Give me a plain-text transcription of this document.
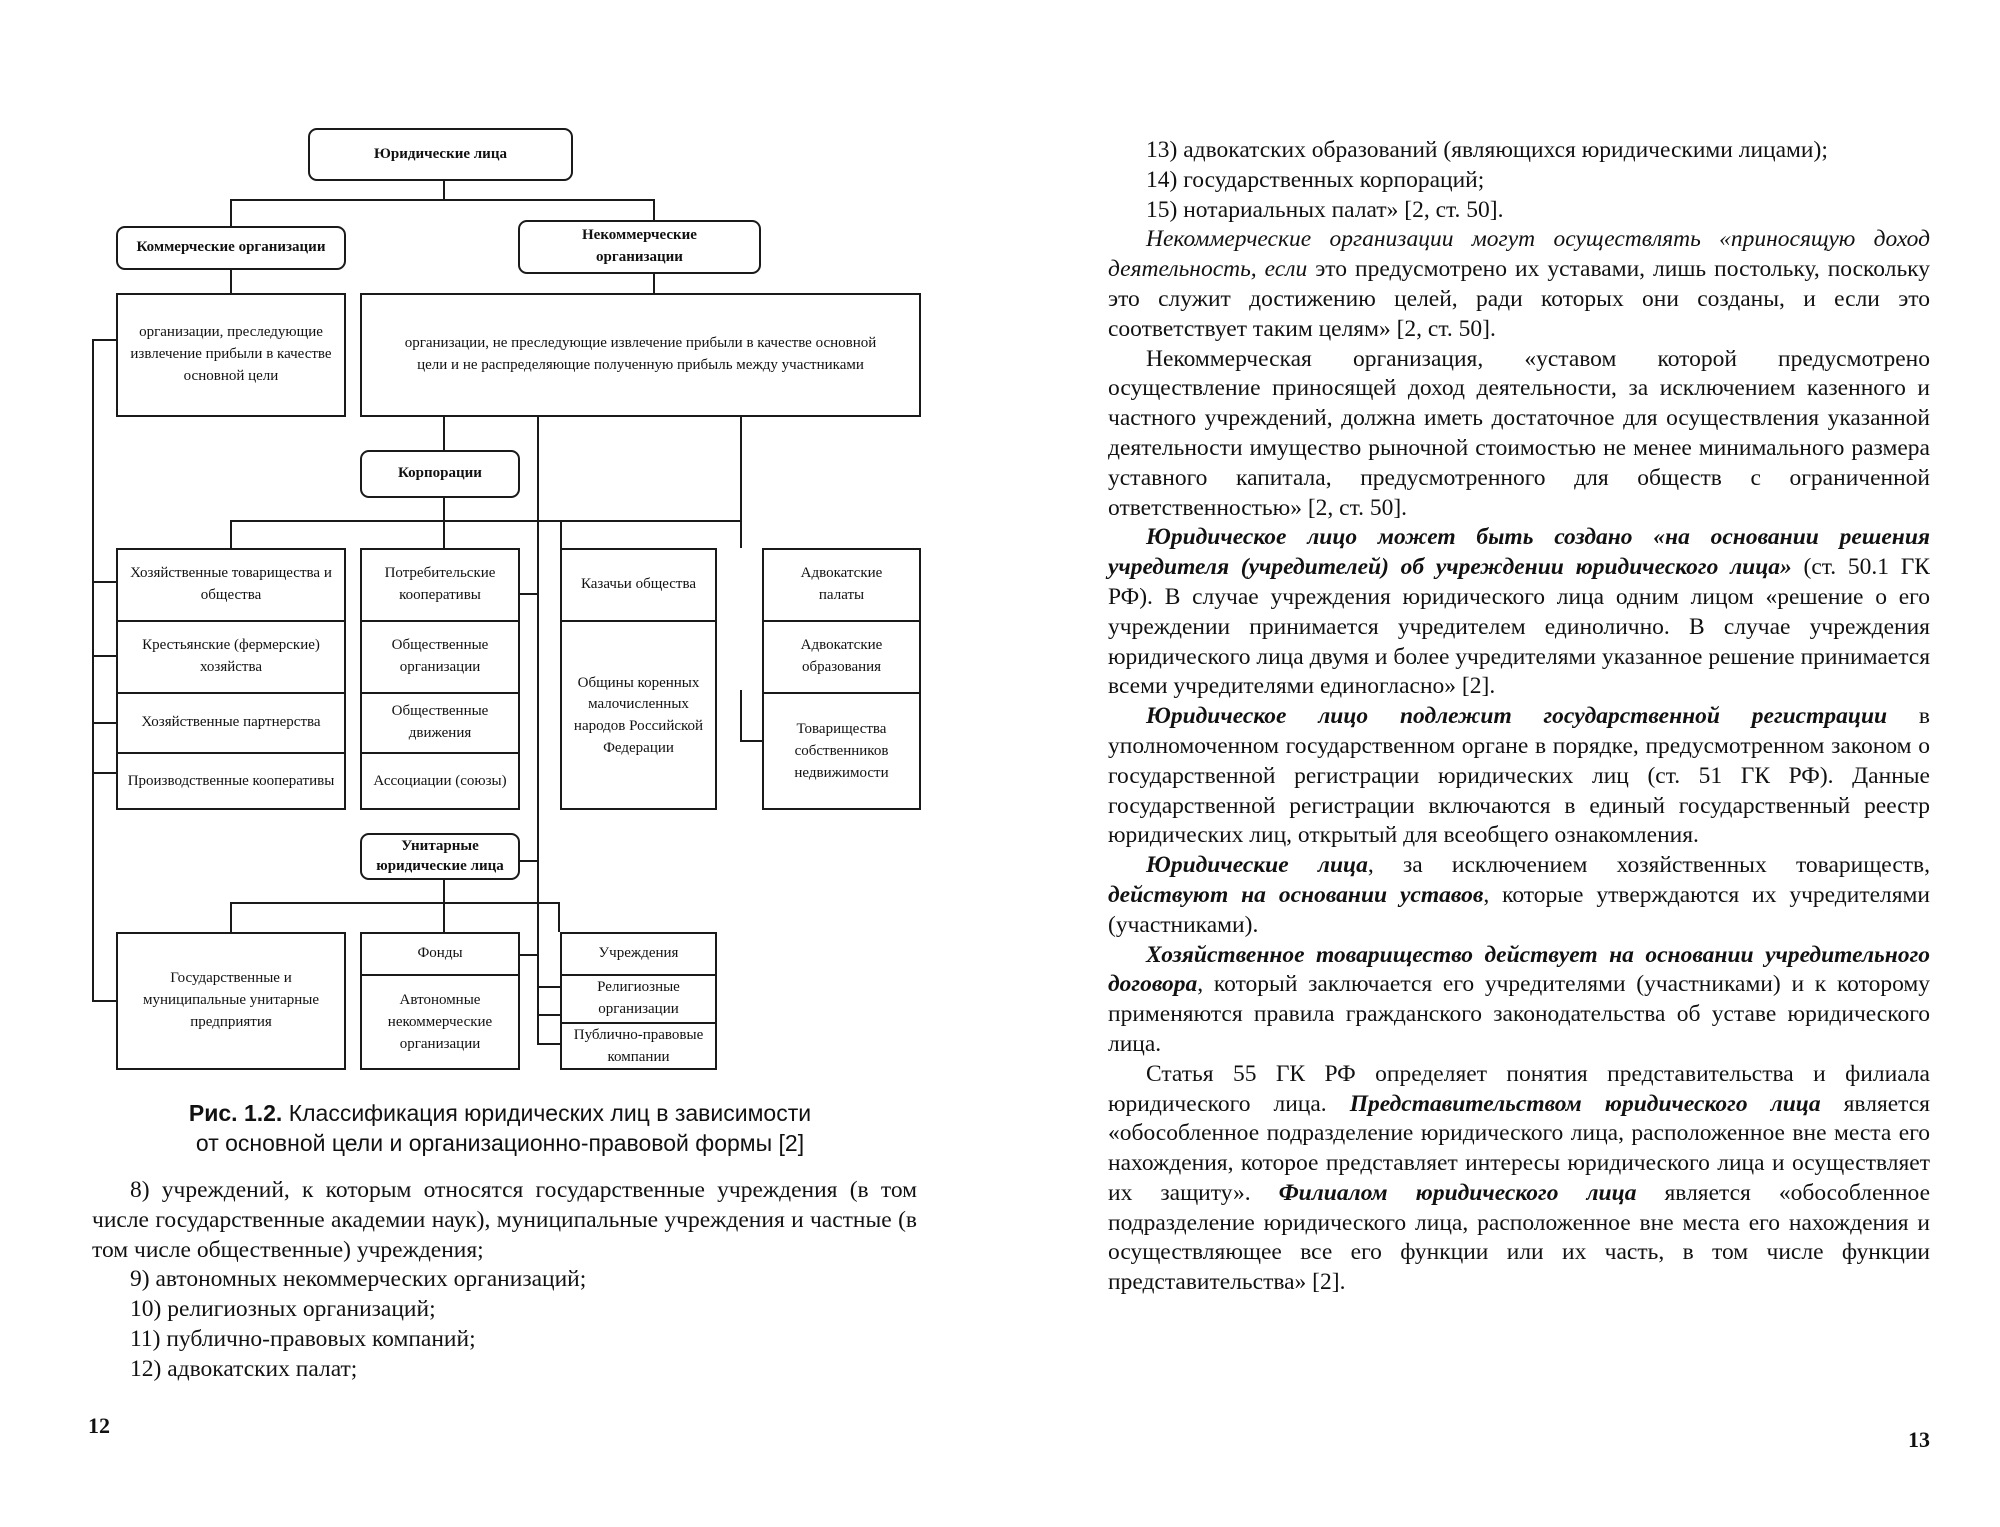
Юридические лица
Коммерческие организации
Некоммерческие организации
организации, преследующие извлечение прибыли в качестве основной цели
организации, не преследующие извлечение прибыли в качестве основной цели и не распределяющие полученную прибыль между участниками
Корпорации
Хозяйственные товарищества и общества
Крестьянские (фермерские) хозяйства
Хозяйственные партнерства
Производственные кооперативы
Потребительские кооперативы
Общественные организации
Общественные движения
Ассоциации (союзы)
Казачьи общества
Общины коренных малочисленных народов Российской Федерации
Адвокатские палаты
Адвокатские образования
Товарищества собственников недвижимости
Унитарные юридические лица
Государственные и муниципальные унитарные предприятия
Фонды
Автономные некоммерческие организации
Учреждения
Религиозные организации
Публично-правовые компании
Рис. 1.2. Классификация юридических лиц в зависимости
от основной цели и организационно-правовой формы [2]

8) учреждений, к которым относятся государственные учреждения (в том числе государственные академии наук), муниципальные учреждения и частные (в том числе общественные) учреждения;

9) автономных некоммерческих организаций;

10) религиозных организаций;

11) публично-правовых компаний;

12) адвокатских палат;

12

13) адвокатских образований (являющихся юридическими лицами);

14) государственных корпораций;

15) нотариальных палат» [2, ст. 50].

Некоммерческие организации могут осуществлять «приносящую доход деятельность, если это предусмотрено их уставами, лишь постольку, поскольку это служит достижению целей, ради которых они созданы, и если это соответствует таким целям» [2, ст. 50].

Некоммерческая организация, «уставом которой предусмотрено осуществление приносящей доход деятельности, за исключением казенного и частного учреждений, должна иметь достаточное для осуществления указанной деятельности имущество рыночной стоимостью не менее минимального размера уставного капитала, предусмотренного для обществ с ограниченной ответственностью» [2, ст. 50].

Юридическое лицо может быть создано «на основании решения учредителя (учредителей) об учреждении юридического лица» (ст. 50.1 ГК РФ). В случае учреждения юридического лица одним лицом «решение о его учреждении принимается учредителем единолично. В случае учреждения юридического лица двумя и более учредителями указанное решение принимается всеми учредителями единогласно» [2].

Юридическое лицо подлежит государственной регистрации в уполномоченном государственном органе в порядке, предусмотренном законом о государственной регистрации юридических лиц (ст. 51 ГК РФ). Данные государственной регистрации включаются в единый государственный реестр юридических лиц, открытый для всеобщего ознакомления.

Юридические лица, за исключением хозяйственных товариществ, действуют на основании уставов, которые утверждаются их учредителями (участниками).

Хозяйственное товарищество действует на основании учредительного договора, который заключается его учредителями (участниками) и к которому применяются правила гражданского законодательства об уставе юридического лица.

Статья 55 ГК РФ определяет понятия представительства и филиала юридического лица. Представительством юридического лица является «обособленное подразделение юридического лица, расположенное вне места его нахождения, которое представляет интересы юридического лица и осуществляет их защиту». Филиалом юридического лица является «обособленное подразделение юридического лица, расположенное вне места его нахождения и осуществляющее все его функции или их часть, в том числе функции представительства» [2].

13
